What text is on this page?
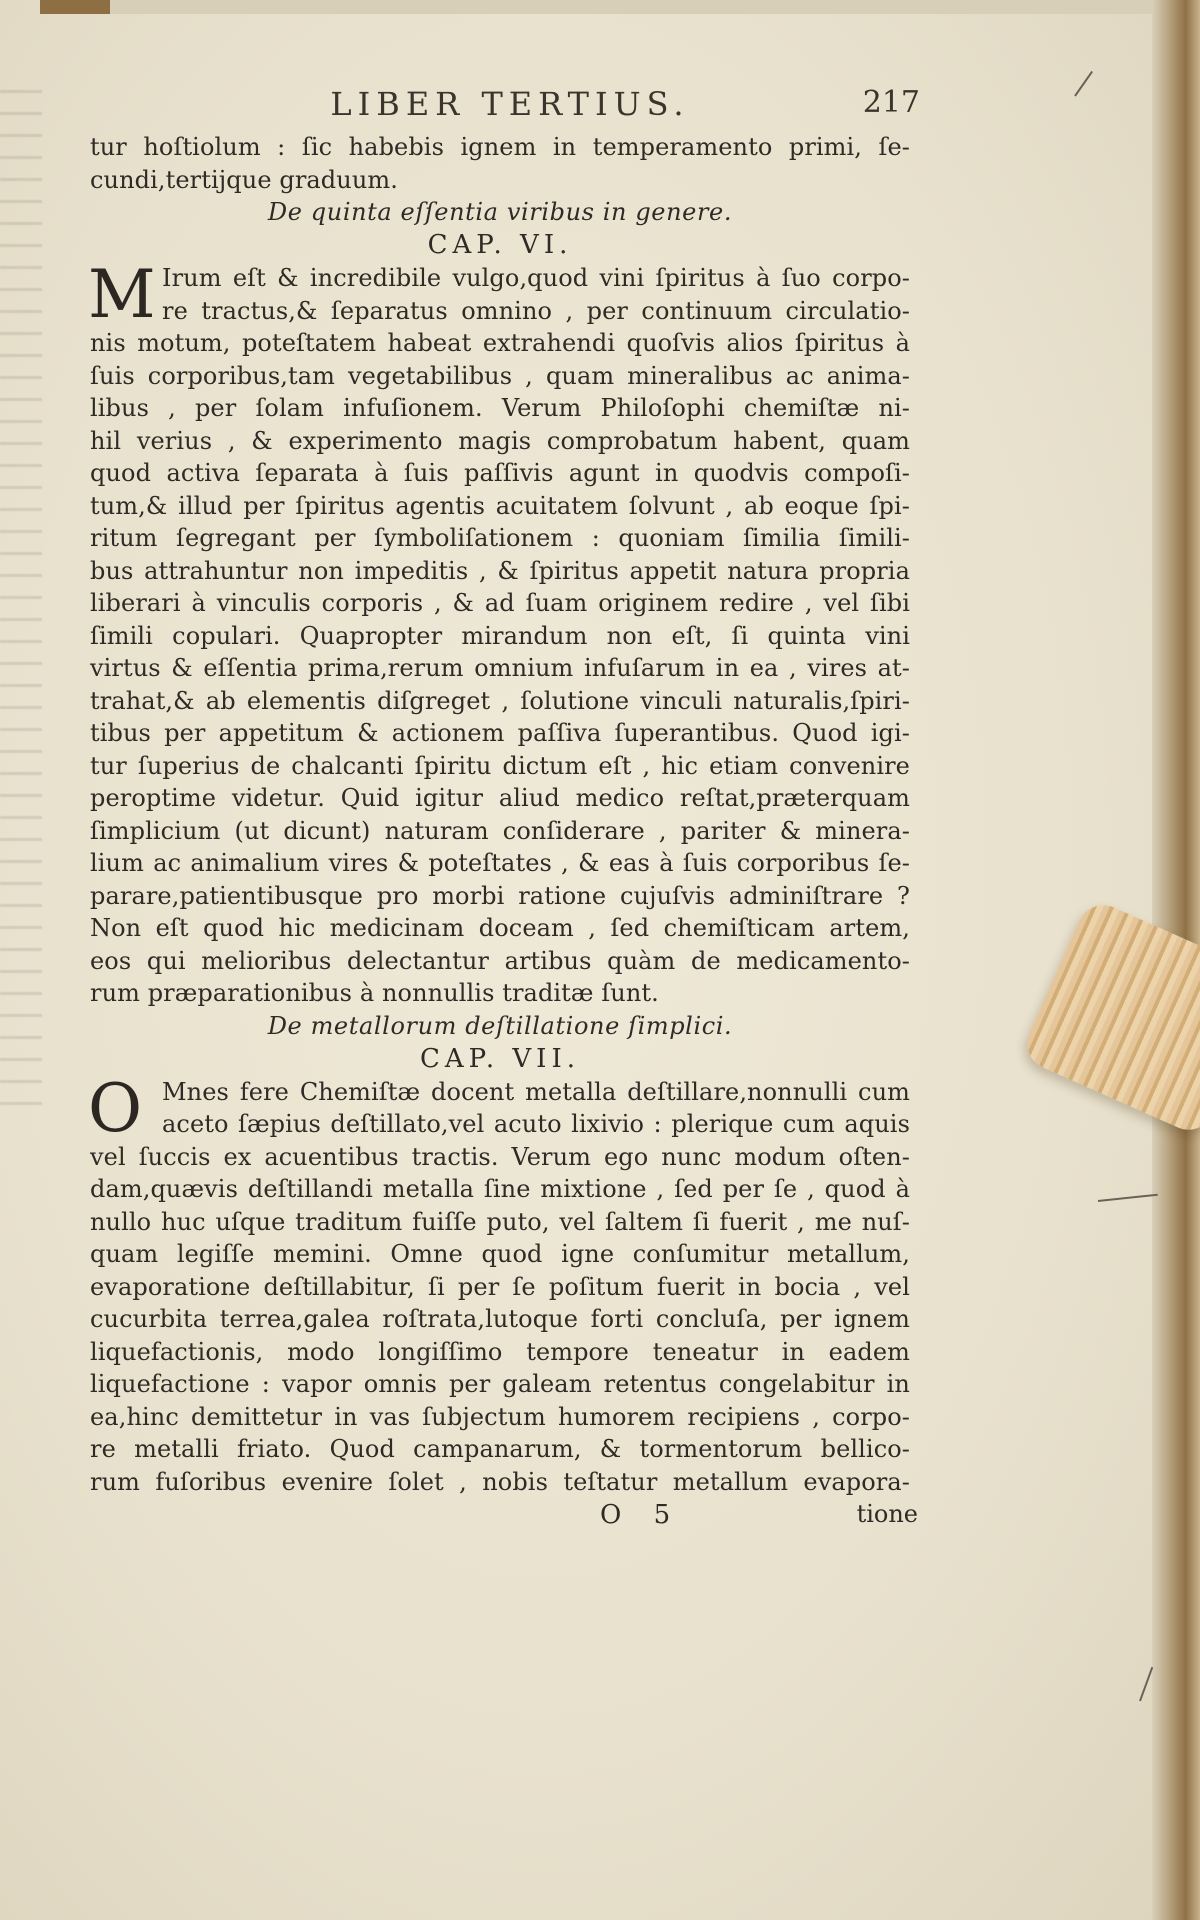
LIBER TERTIUS.	217
tur hoſtiolum : ſic habebis ignem in temperamento primi, ſe-
cundi,tertijque graduum.
De quinta eſſentia viribus in genere.
CAP. VI.
M Irum eſt & incredibile vulgo,quod vini ſpiritus à ſuo corpo-
re tractus,& ſeparatus omnino , per continuum circulatio-
nis motum, poteſtatem habeat extrahendi quoſvis alios ſpiritus à
ſuis corporibus,tam vegetabilibus , quam mineralibus ac anima-
libus , per ſolam infuſionem. Verum Philoſophi chemiſtæ ni-
hil verius , & experimento magis comprobatum habent, quam
quod activa ſeparata à ſuis paſſivis agunt in quodvis compoſi-
tum,& illud per ſpiritus agentis acuitatem ſolvunt , ab eoque ſpi-
ritum ſegregant per ſymboliſationem : quoniam ſimilia ſimili-
bus attrahuntur non impeditis , & ſpiritus appetit natura propria
liberari à vinculis corporis , & ad ſuam originem redire , vel ſibi
ſimili copulari. Quapropter mirandum non eſt, ſi quinta vini
virtus & eſſentia prima,rerum omnium infuſarum in ea , vires at-
trahat,& ab elementis diſgreget , ſolutione vinculi naturalis,ſpiri-
tibus per appetitum & actionem paſſiva ſuperantibus. Quod igi-
tur ſuperius de chalcanti ſpiritu dictum eſt , hic etiam convenire
peroptime videtur. Quid igitur aliud medico reſtat,præterquam
ſimplicium (ut dicunt) naturam conſiderare , pariter & minera-
lium ac animalium vires & poteſtates , & eas à ſuis corporibus ſe-
parare,patientibusque pro morbi ratione cujuſvis adminiſtrare ?
Non eſt quod hic medicinam doceam , ſed chemiſticam artem,
eos qui melioribus delectantur artibus quàm de medicamento-
rum præparationibus à nonnullis traditæ ſunt.
De metallorum deſtillatione ſimplici.
CAP. VII.
O Mnes fere Chemiſtæ docent metalla deſtillare,nonnulli cum
aceto ſæpius deſtillato,vel acuto lixivio : plerique cum aquis
vel ſuccis ex acuentibus tractis. Verum ego nunc modum oſten-
dam,quævis deſtillandi metalla ſine mixtione , ſed per ſe , quod à
nullo huc uſque traditum fuiſſe puto, vel ſaltem ſi fuerit , me nuſ-
quam legiſſe memini. Omne quod igne conſumitur metallum,
evaporatione deſtillabitur, ſi per ſe poſitum fuerit in bocia , vel
cucurbita terrea,galea roſtrata,lutoque forti concluſa, per ignem
liquefactionis, modo longiſſimo tempore teneatur in eadem
liquefactione : vapor omnis per galeam retentus congelabitur in
ea,hinc demittetur in vas ſubjectum humorem recipiens , corpo-
re metalli friato. Quod campanarum, & tormentorum bellico-
rum fuſoribus evenire ſolet , nobis teſtatur metallum evapora-
O 5	tione
